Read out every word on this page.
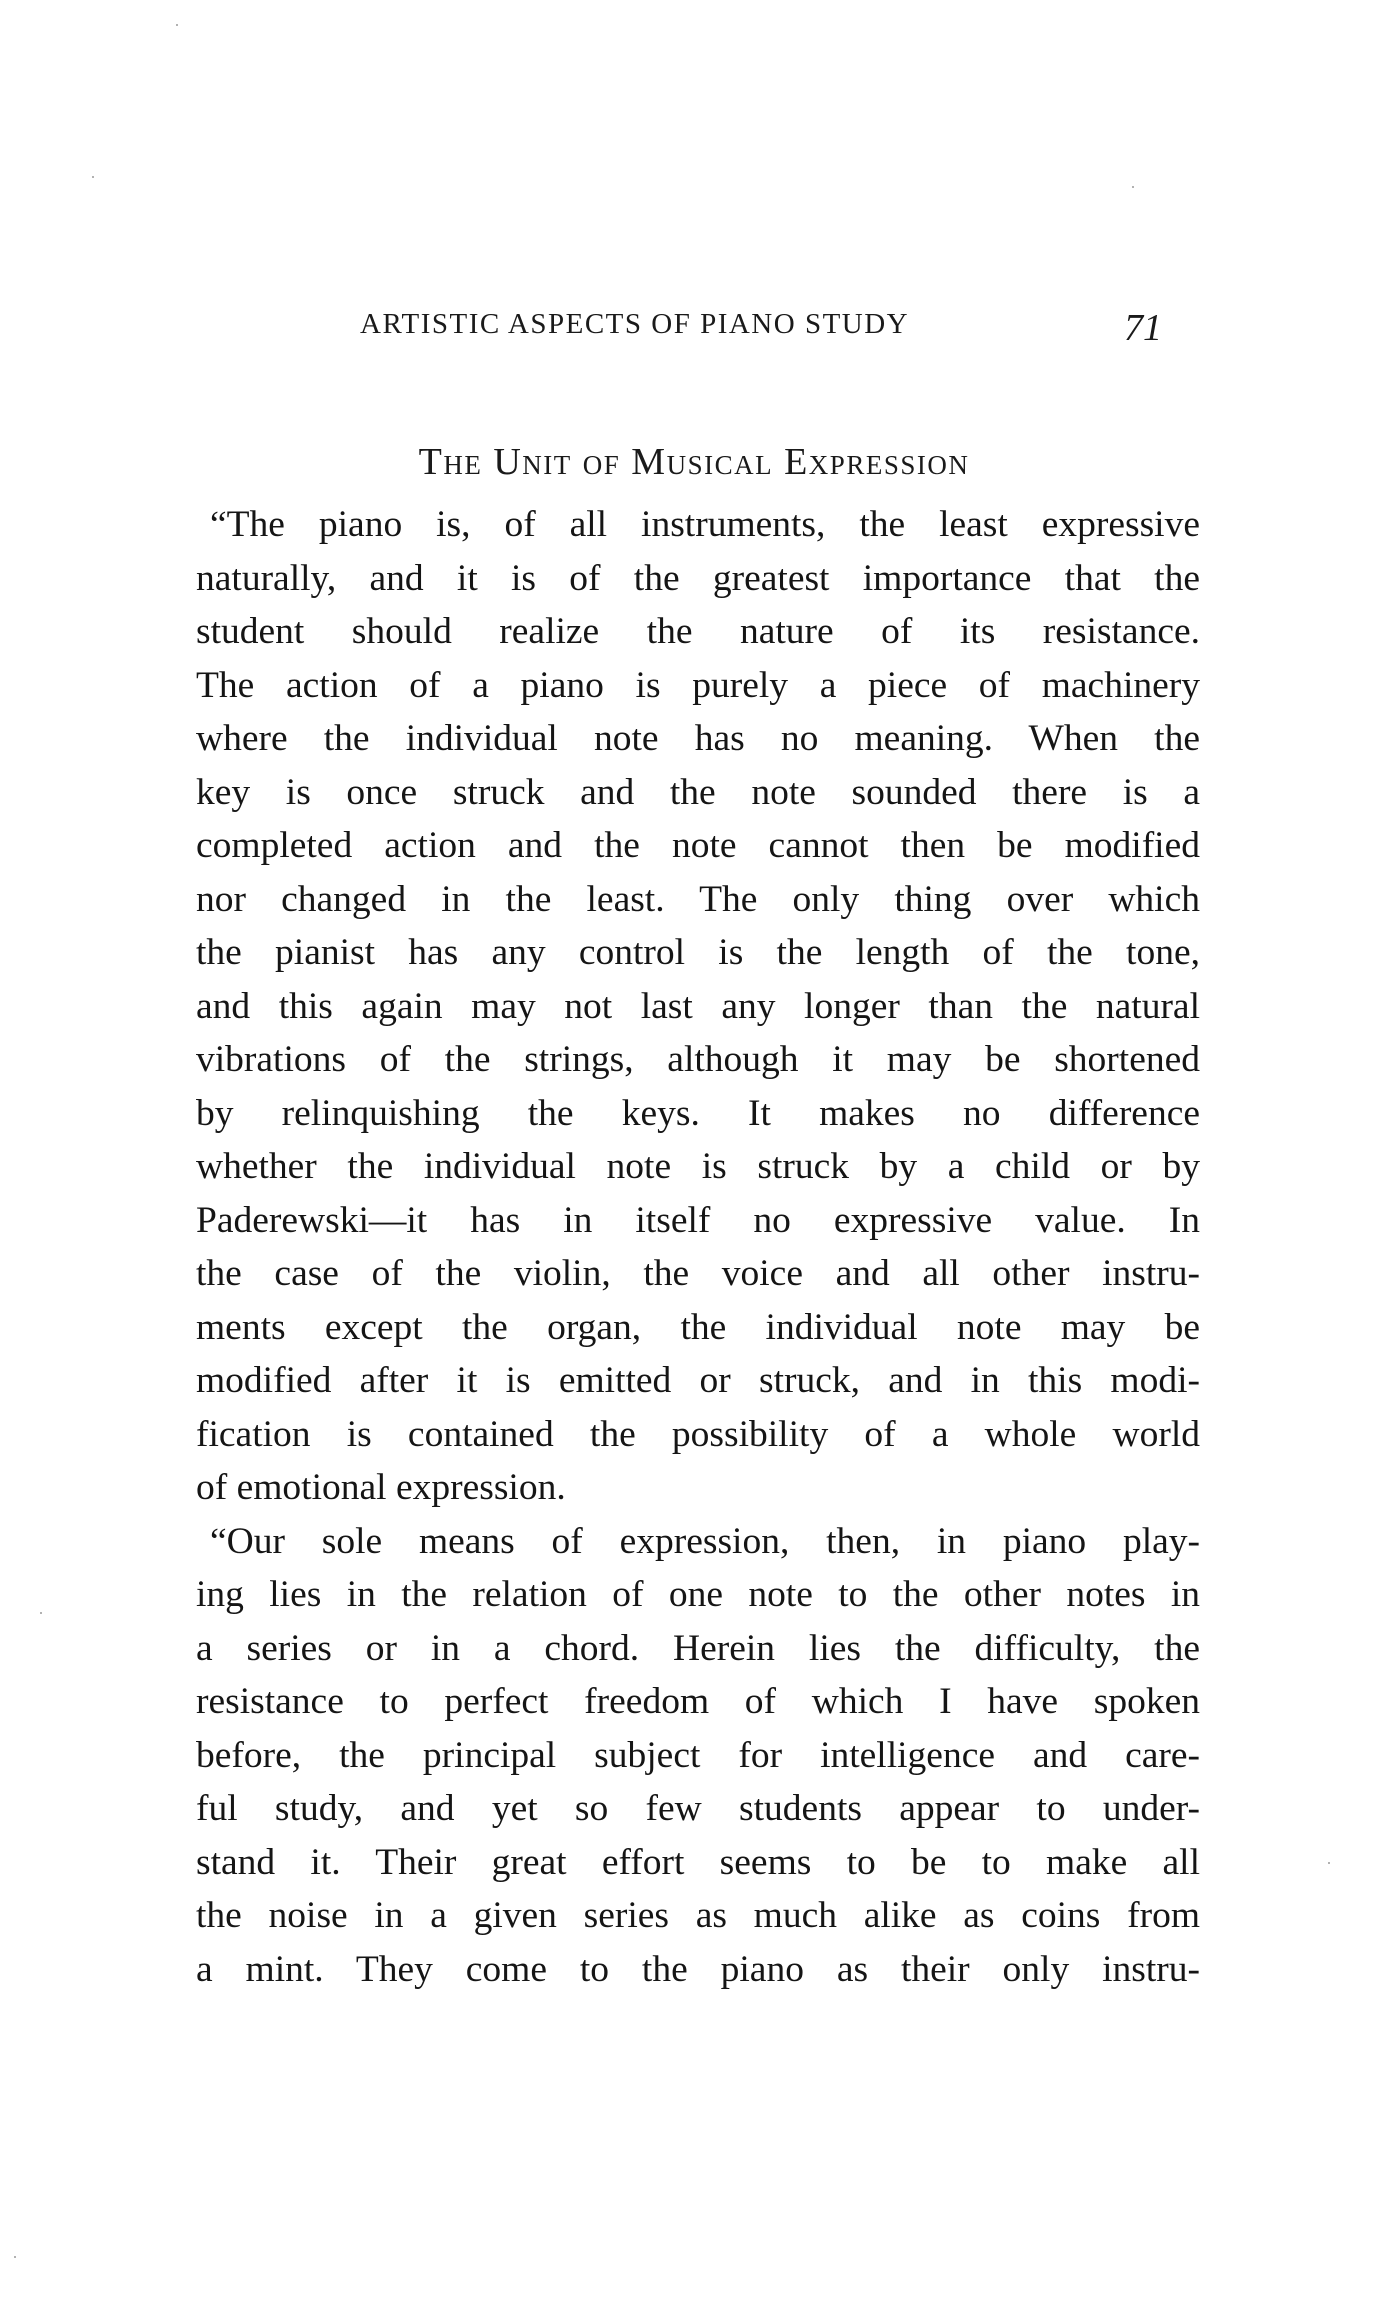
ARTISTIC ASPECTS OF PIANO STUDY	71
The Unit of Musical Expression

“The piano is, of all instruments, the least expressive
naturally, and it is of the greatest importance that the
student should realize the nature of its resistance.
The action of a piano is purely a piece of machinery
where the individual note has no meaning. When the
key is once struck and the note sounded there is a
completed action and the note cannot then be modified
nor changed in the least. The only thing over which
the pianist has any control is the length of the tone,
and this again may not last any longer than the natural
vibrations of the strings, although it may be shortened
by relinquishing the keys. It makes no difference
whether the individual note is struck by a child or by
Paderewski—it has in itself no expressive value. In
the case of the violin, the voice and all other instru-
ments except the organ, the individual note may be
modified after it is emitted or struck, and in this modi-
fication is contained the possibility of a whole world
of emotional expression.

“Our sole means of expression, then, in piano play-
ing lies in the relation of one note to the other notes in
a series or in a chord. Herein lies the difficulty, the
resistance to perfect freedom of which I have spoken
before, the principal subject for intelligence and care-
ful study, and yet so few students appear to under-
stand it. Their great effort seems to be to make all
the noise in a given series as much alike as coins from
a mint. They come to the piano as their only instru-
